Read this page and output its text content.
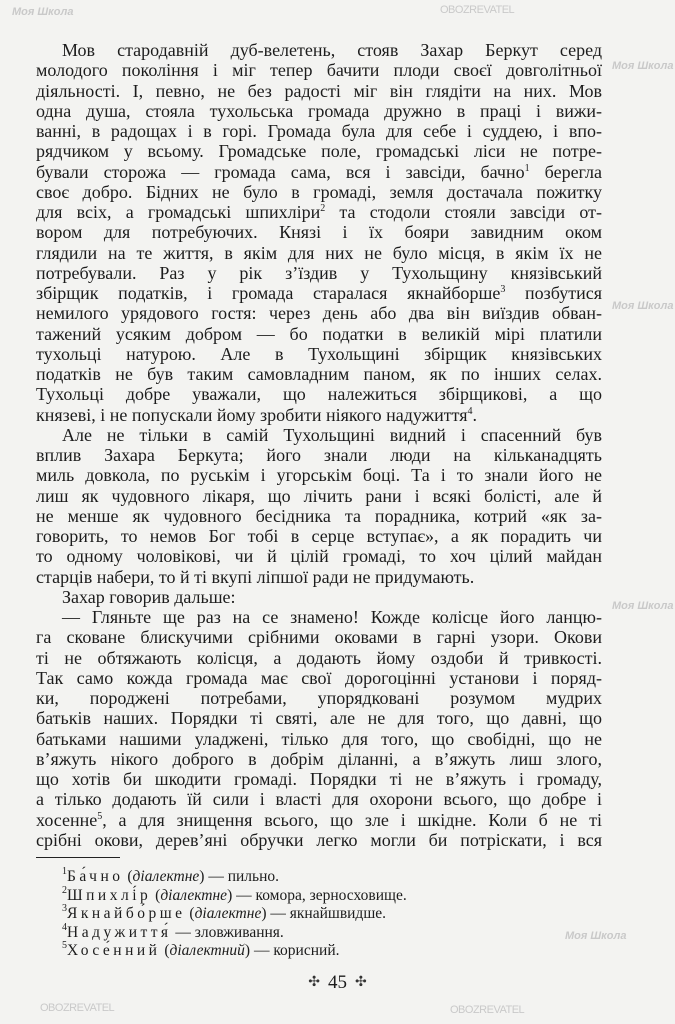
Моя Школа	OBOZREVATEL
Моя Школа
Моя Школа
Моя Школа
OBOZREVATEL
Моя Школа
OBOZREVATEL
Мов стародавній дуб-велетень, стояв Захар Беркут серед
молодого покоління і міг тепер бачити плоди своєї довголітньої
діяльності. І, певно, не без радості міг він глядіти на них. Мов
одна душа, стояла тухольська громада дружно в праці і вижи-
ванні, в радощах і в горі. Громада була для себе і суддею, і впо-
рядчиком у всьому. Громадське поле, громадські ліси не потре-
бували сторожа — громада сама, вся і завсіди, бачно$^1$ берегла
своє добро. Бідних не було в громаді, земля достачала пожитку
для всіх, а громадські шпихліри$^2$ та стодоли стояли завсіди от-
вором для потребуючих. Князі і їх бояри завидним оком
глядили на те життя, в якім для них не було місця, в якім їх не
потребували. Раз у рік з’їздив у Тухольщину князівський
збірщик податків, і громада старалася якнайборше$^3$ позбутися
немилого урядового гостя: через день або два він виїздив обван-
тажений усяким добром — бо податки в великій мірі платили
тухольці натурою. Але в Тухольщині збірщик князівських
податків не був таким самовладним паном, як по інших селах.
Тухольці добре уважали, що належиться збірщикові, а що
князеві, і не попускали йому зробити ніякого надужиття$^4$.
Але не тільки в самій Тухольщині видний і спасенний був
вплив Захара Беркута; його знали люди на кільканадцять
миль довкола, по руськім і угорськім боці. Та і то знали його не
лиш як чудовного лікаря, що лічить рани і всякі болісті, але й
не менше як чудовного бесідника та порадника, котрий «як за-
говорить, то немов Бог тобі в серце вступає», а як порадить чи
то одному чоловікові, чи й цілій громаді, то хоч цілий майдан
старців набери, то й ті вкупі ліпшої ради не придумають.
Захар говорив дальше:
— Гляньте ще раз на се знамено! Кожде колісце його ланцю-
га сковане блискучими срібними оковами в гарні узори. Окови
ті не обтяжають колісця, а додають йому оздоби й тривкості.
Так само кожда громада має свої дорогоцінні установи і поряд-
ки, породжені потребами, упорядковані розумом мудрих
батьків наших. Порядки ті святі, але не для того, що давні, що
батьками нашими уладжені, тілько для того, що свобідні, що не
в’яжуть нікого доброго в добрім діланні, а в’яжуть лиш злого,
що хотів би шкодити громаді. Порядки ті не в’яжуть і громаду,
а тілько додають їй сили і власті для охорони всього, що добре і
хосенне$^5$, а для знищення всього, що зле і шкідне. Коли б не ті
срібні окови, дерев’яні обручки легко могли би потріскати, і вся
$^1$Ба́чно (діалектне) — пильно.
$^2$Шпихлі́р (діалектне) — комора, зерносховище.
$^3$Якнайбо́рше (діалектне) — якнайшвидше.
$^4$Надужиття́ — зловживання.
$^5$Хосе́нний (діалектний) — корисний.
✣ 45 ✣
